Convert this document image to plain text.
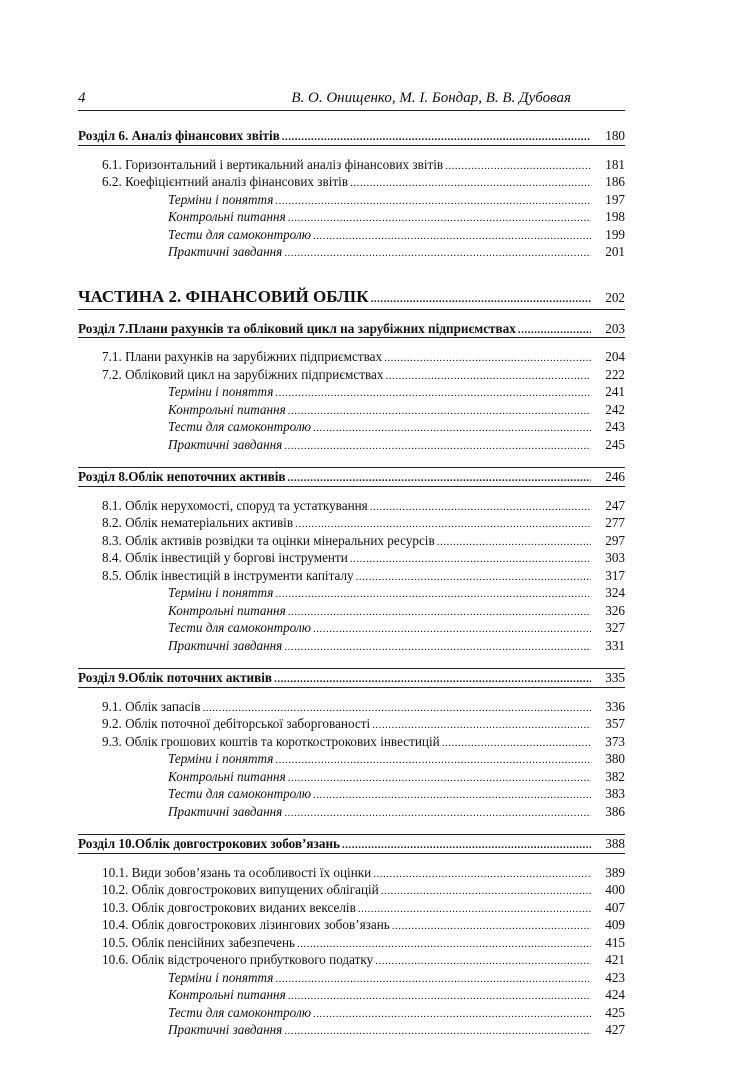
4	В. О. Онищенко, М. І. Бондар, В. В. Дубовая
Розділ 6. Аналіз фінансових звітів .....	180
6.1. Горизонтальний і вертикальний аналіз фінансових звітів .....	181
6.2. Коефіцієнтний аналіз фінансових звітів .....	186
Терміни і поняття .....	197
Контрольні питання .....	198
Тести для самоконтролю .....	199
Практичні завдання .....	201
ЧАСТИНА 2. ФІНАНСОВИЙ ОБЛІК .....	202
Розділ 7.Плани рахунків та обліковий цикл на зарубіжних підприємствах .....	203
7.1. Плани рахунків на зарубіжних підприємствах .....	204
7.2. Обліковий цикл на зарубіжних підприємствах .....	222
Терміни і поняття .....	241
Контрольні питання .....	242
Тести для самоконтролю .....	243
Практичні завдання .....	245
Розділ 8.Облік непоточних активів .....	246
8.1. Облік нерухомості, споруд та устаткування .....	247
8.2. Облік нематеріальних активів .....	277
8.3. Облік активів розвідки та оцінки мінеральних ресурсів .....	297
8.4. Облік інвестицій у боргові інструменти .....	303
8.5. Облік інвестицій в інструменти капіталу .....	317
Терміни і поняття .....	324
Контрольні питання .....	326
Тести для самоконтролю .....	327
Практичні завдання .....	331
Розділ 9.Облік поточних активів .....	335
9.1. Облік запасів .....	336
9.2. Облік поточної дебіторської заборгованості .....	357
9.3. Облік грошових коштів та короткострокових інвестицій .....	373
Терміни і поняття .....	380
Контрольні питання .....	382
Тести для самоконтролю .....	383
Практичні завдання .....	386
Розділ 10.Облік довгострокових зобов’язань .....	388
10.1. Види зобов’язань та особливості їх оцінки .....	389
10.2. Облік довгострокових випущених облігацій .....	400
10.3. Облік довгострокових виданих векселів .....	407
10.4. Облік довгострокових лізингових зобов’язань .....	409
10.5. Облік пенсійних забезпечень .....	415
10.6. Облік відстроченого прибуткового податку .....	421
Терміни і поняття .....	423
Контрольні питання .....	424
Тести для самоконтролю .....	425
Практичні завдання .....	427
